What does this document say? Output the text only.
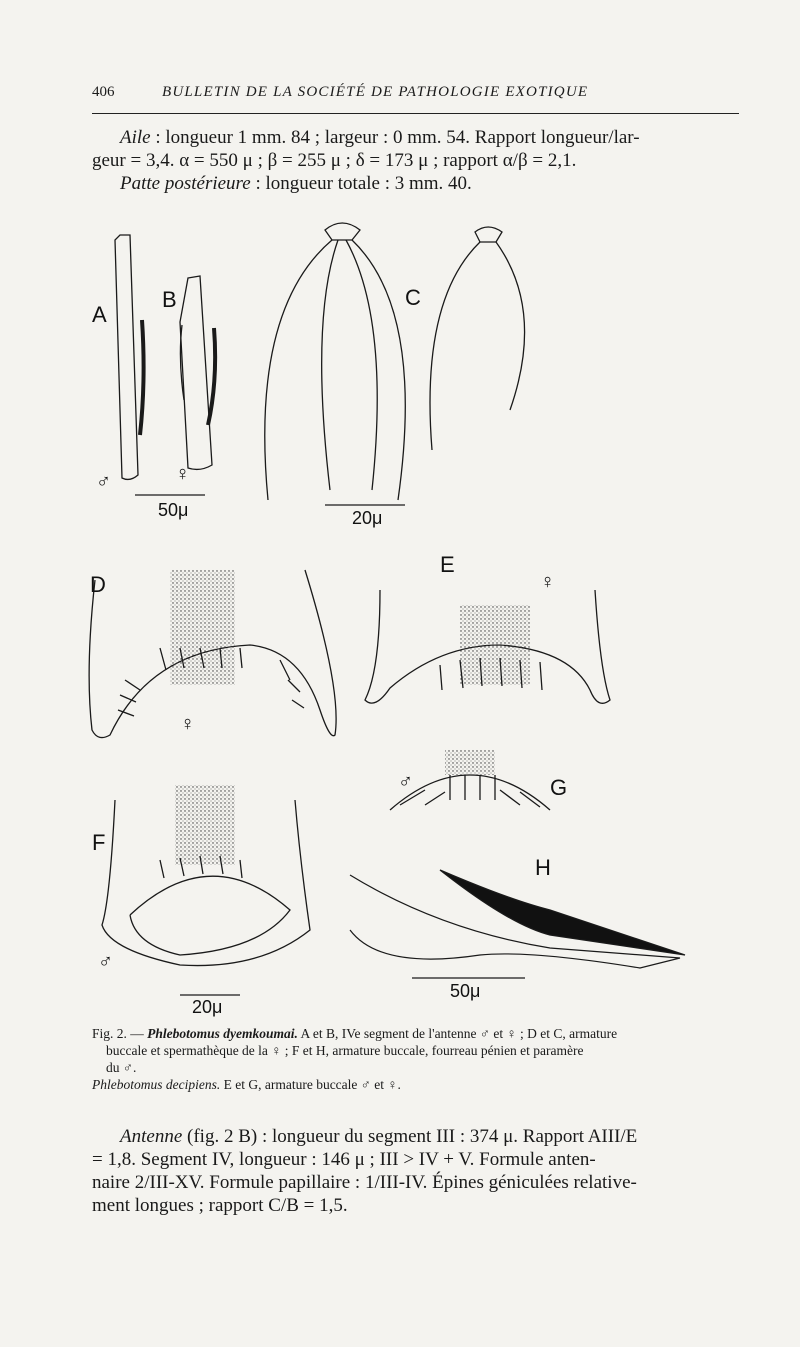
406	BULLETIN DE LA SOCIÉTÉ DE PATHOLOGIE EXOTIQUE
Aile : longueur 1 mm. 84 ; largeur : 0 mm. 54. Rapport longueur/lar-
geur = 3,4. α = 550 μ ; β = 255 μ ; δ = 173 μ ; rapport α/β = 2,1.
Patte postérieure : longueur totale : 3 mm. 40.
A
B
♂	♀
50μ
C
20μ
D
♀
E
♀
♂	G
F
♂
20μ
H
50μ
Fig. 2. — Phlebotomus dyemkoumai. A et B, IVe segment de l'antenne ♂ et ♀ ; D et C, armature
buccale et spermathèque de la ♀ ; F et H, armature buccale, fourreau pénien et paramère
du ♂.
Phlebotomus decipiens. E et G, armature buccale ♂ et ♀.
Antenne (fig. 2 B) : longueur du segment III : 374 μ. Rapport AIII/E
= 1,8. Segment IV, longueur : 146 μ ; III > IV + V. Formule anten-
naire 2/III-XV. Formule papillaire : 1/III-IV. Épines géniculées relative-
ment longues ; rapport C/B = 1,5.
